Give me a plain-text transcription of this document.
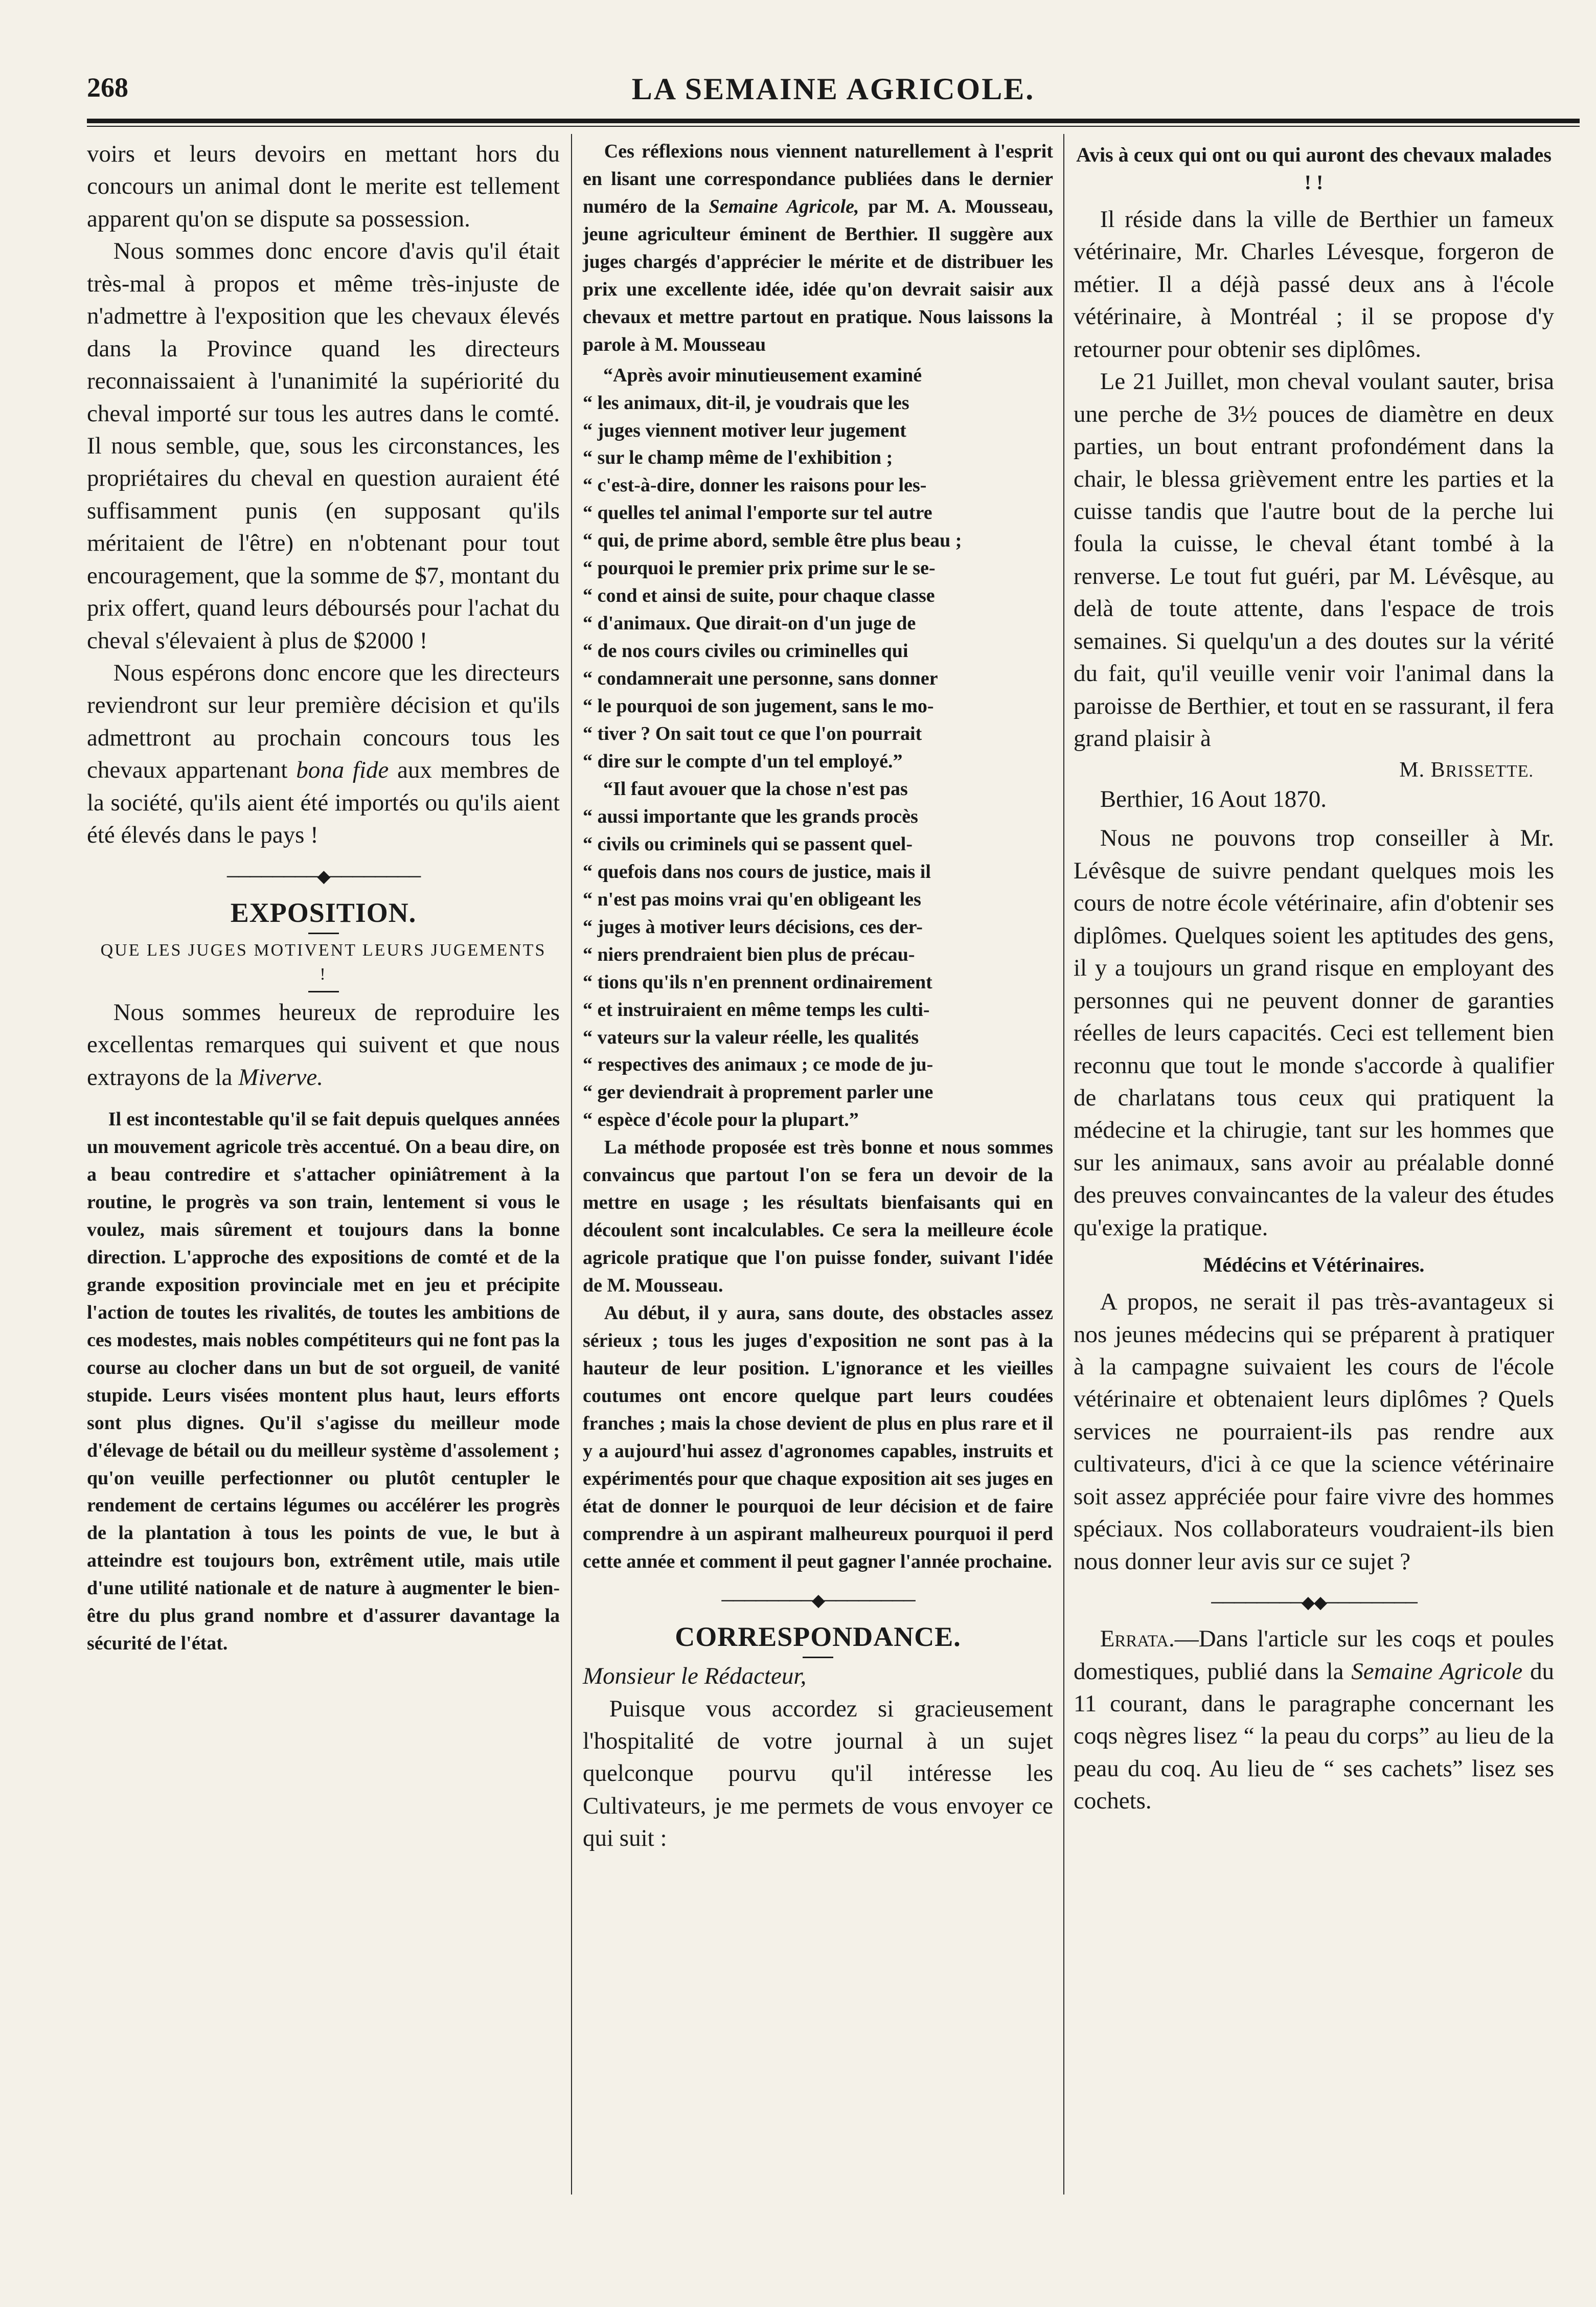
268	LA SEMAINE AGRICOLE.

voirs et leurs devoirs en mettant hors du concours un animal dont le merite est tellement apparent qu'on se dispute sa possession.

Nous sommes donc encore d'avis qu'il était très-mal à propos et même très-injuste de n'admettre à l'exposition que les chevaux élevés dans la Province quand les directeurs reconnaissaient à l'unanimité la supériorité du cheval importé sur tous les autres dans le comté. Il nous semble, que, sous les circonstances, les propriétaires du cheval en question auraient été suffisamment punis (en supposant qu'ils méritaient de l'être) en n'obtenant pour tout encouragement, que la somme de $7, montant du prix offert, quand leurs déboursés pour l'achat du cheval s'élevaient à plus de $2000 !

Nous espérons donc encore que les directeurs reviendront sur leur première décision et qu'ils admettront au prochain concours tous les chevaux appartenant bona fide aux membres de la société, qu'ils aient été importés ou qu'ils aient été élevés dans le pays !

────────◆────────
EXPOSITION.
QUE LES JUGES MOTIVENT LEURS JUGEMENTS !

Nous sommes heureux de reproduire les excellentas remarques qui suivent et que nous extrayons de la Miverve.

Il est incontestable qu'il se fait depuis quelques années un mouvement agricole très accentué. On a beau dire, on a beau contredire et s'attacher opiniâtrement à la routine, le progrès va son train, lentement si vous le voulez, mais sûrement et toujours dans la bonne direction. L'approche des expositions de comté et de la grande exposition provinciale met en jeu et précipite l'action de toutes les rivalités, de toutes les ambitions de ces modestes, mais nobles compétiteurs qui ne font pas la course au clocher dans un but de sot orgueil, de vanité stupide. Leurs visées montent plus haut, leurs efforts sont plus dignes. Qu'il s'agisse du meilleur mode d'élevage de bétail ou du meilleur système d'assolement ; qu'on veuille perfectionner ou plutôt centupler le rendement de certains légumes ou accélérer les progrès de la plantation à tous les points de vue, le but à atteindre est toujours bon, extrêment utile, mais utile d'une utilité nationale et de nature à augmenter le bien-être du plus grand nombre et d'assurer davantage la sécurité de l'état.

Ces réflexions nous viennent naturellement à l'esprit en lisant une correspondance publiées dans le dernier numéro de la Semaine Agricole, par M. A. Mousseau, jeune agriculteur éminent de Berthier. Il suggère aux juges chargés d'apprécier le mérite et de distribuer les prix une excellente idée, idée qu'on devrait saisir aux chevaux et mettre partout en pratique. Nous laissons la parole à M. Mousseau

“Après avoir minutieusement examiné
“ les animaux, dit-il, je voudrais que les
“ juges viennent motiver leur jugement
“ sur le champ même de l'exhibition ;
“ c'est-à-dire, donner les raisons pour les-
“ quelles tel animal l'emporte sur tel autre
“ qui, de prime abord, semble être plus beau ;
“ pourquoi le premier prix prime sur le se-
“ cond et ainsi de suite, pour chaque classe
“ d'animaux. Que dirait-on d'un juge de
“ de nos cours civiles ou criminelles qui
“ condamnerait une personne, sans donner
“ le pourquoi de son jugement, sans le mo-
“ tiver ? On sait tout ce que l'on pourrait
“ dire sur le compte d'un tel employé.”
“Il faut avouer que la chose n'est pas
“ aussi importante que les grands procès
“ civils ou criminels qui se passent quel-
“ quefois dans nos cours de justice, mais il
“ n'est pas moins vrai qu'en obligeant les
“ juges à motiver leurs décisions, ces der-
“ niers prendraient bien plus de précau-
“ tions qu'ils n'en prennent ordinairement
“ et instruiraient en même temps les culti-
“ vateurs sur la valeur réelle, les qualités
“ respectives des animaux ; ce mode de ju-
“ ger deviendrait à proprement parler une
“ espèce d'école pour la plupart.”

La méthode proposée est très bonne et nous sommes convaincus que partout l'on se fera un devoir de la mettre en usage ; les résultats bienfaisants qui en découlent sont incalculables. Ce sera la meilleure école agricole pratique que l'on puisse fonder, suivant l'idée de M. Mousseau.

Au début, il y aura, sans doute, des obstacles assez sérieux ; tous les juges d'exposition ne sont pas à la hauteur de leur position. L'ignorance et les vieilles coutumes ont encore quelque part leurs coudées franches ; mais la chose devient de plus en plus rare et il y a aujourd'hui assez d'agronomes capables, instruits et expérimentés pour que chaque exposition ait ses juges en état de donner le pourquoi de leur décision et de faire comprendre à un aspirant malheureux pourquoi il perd cette année et comment il peut gagner l'année prochaine.

────────◆────────
CORRESPONDANCE.
Monsieur le Rédacteur,

Puisque vous accordez si gracieusement l'hospitalité de votre journal à un sujet quelconque pourvu qu'il intéresse les Cultivateurs, je me permets de vous envoyer ce qui suit :

Avis à ceux qui ont ou qui auront des chevaux malades ! !

Il réside dans la ville de Berthier un fameux vétérinaire, Mr. Charles Lévesque, forgeron de métier. Il a déjà passé deux ans à l'école vétérinaire, à Montréal ; il se propose d'y retourner pour obtenir ses diplômes.

Le 21 Juillet, mon cheval voulant sauter, brisa une perche de 3½ pouces de diamètre en deux parties, un bout entrant profondément dans la chair, le blessa grièvement entre les parties et la cuisse tandis que l'autre bout de la perche lui foula la cuisse, le cheval étant tombé à la renverse. Le tout fut guéri, par M. Lévêsque, au delà de toute attente, dans l'espace de trois semaines. Si quelqu'un a des doutes sur la vérité du fait, qu'il veuille venir voir l'animal dans la paroisse de Berthier, et tout en se rassurant, il fera grand plaisir à

M. BRISSETTE.
Berthier, 16 Aout 1870.

Nous ne pouvons trop conseiller à Mr. Lévêsque de suivre pendant quelques mois les cours de notre école vétérinaire, afin d'obtenir ses diplômes. Quelques soient les aptitudes des gens, il y a toujours un grand risque en employant des personnes qui ne peuvent donner de garanties réelles de leurs capacités. Ceci est tellement bien reconnu que tout le monde s'accorde à qualifier de charlatans tous ceux qui pratiquent la médecine et la chirugie, tant sur les hommes que sur les animaux, sans avoir au préalable donné des preuves convaincantes de la valeur des études qu'exige la pratique.

Médécins et Vétérinaires.

A propos, ne serait il pas très-avantageux si nos jeunes médecins qui se préparent à pratiquer à la campagne suivaient les cours de l'école vétérinaire et obtenaient leurs diplômes ? Quels services ne pourraient-ils pas rendre aux cultivateurs, d'ici à ce que la science vétérinaire soit assez appréciée pour faire vivre des hommes spéciaux. Nos collaborateurs voudraient-ils bien nous donner leur avis sur ce sujet ?

────────◆◆────────

Errata.—Dans l'article sur les coqs et poules domestiques, publié dans la Semaine Agricole du 11 courant, dans le paragraphe concernant les coqs nègres lisez “ la peau du corps” au lieu de la peau du coq. Au lieu de “ ses cachets” lisez ses cochets.
